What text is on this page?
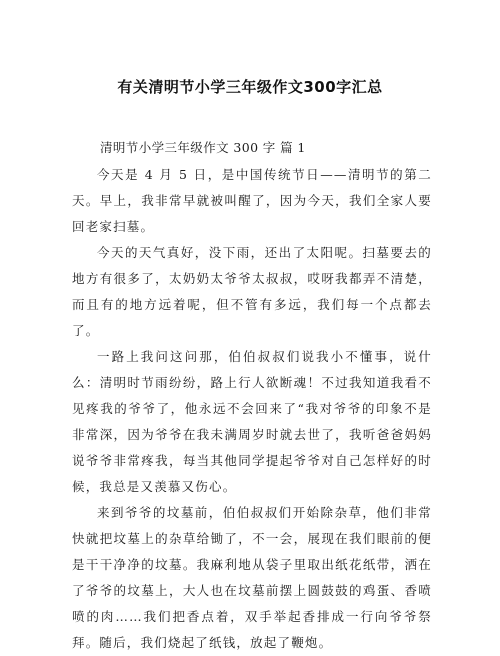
有关清明节小学三年级作文300字汇总
清明节小学三年级作文 300 字 篇 1

今天是 4 月 5 日，是中国传统节日——清明节的第二天。早上，我非常早就被叫醒了，因为今天，我们全家人要回老家扫墓。

今天的天气真好，没下雨，还出了太阳呢。扫墓要去的地方有很多了，太奶奶太爷爷太叔叔，哎呀我都弄不清楚，而且有的地方远着呢，但不管有多远，我们每一个点都去了。

一路上我问这问那，伯伯叔叔们说我小不懂事，说什么：清明时节雨纷纷，路上行人欲断魂！不过我知道我看不见疼我的爷爷了，他永远不会回来了“我对爷爷的印象不是非常深，因为爷爷在我未满周岁时就去世了，我听爸爸妈妈说爷爷非常疼我，每当其他同学提起爷爷对自己怎样好的时候，我总是又羡慕又伤心。

来到爷爷的坟墓前，伯伯叔叔们开始除杂草，他们非常快就把坟墓上的杂草给锄了，不一会，展现在我们眼前的便是干干净净的坟墓。我麻利地从袋子里取出纸花纸带，洒在了爷爷的坟墓上，大人也在坟墓前摆上圆鼓鼓的鸡蛋、香喷喷的肉……我们把香点着，双手举起香排成一行向爷爷祭拜。随后，我们烧起了纸钱，放起了鞭炮。
